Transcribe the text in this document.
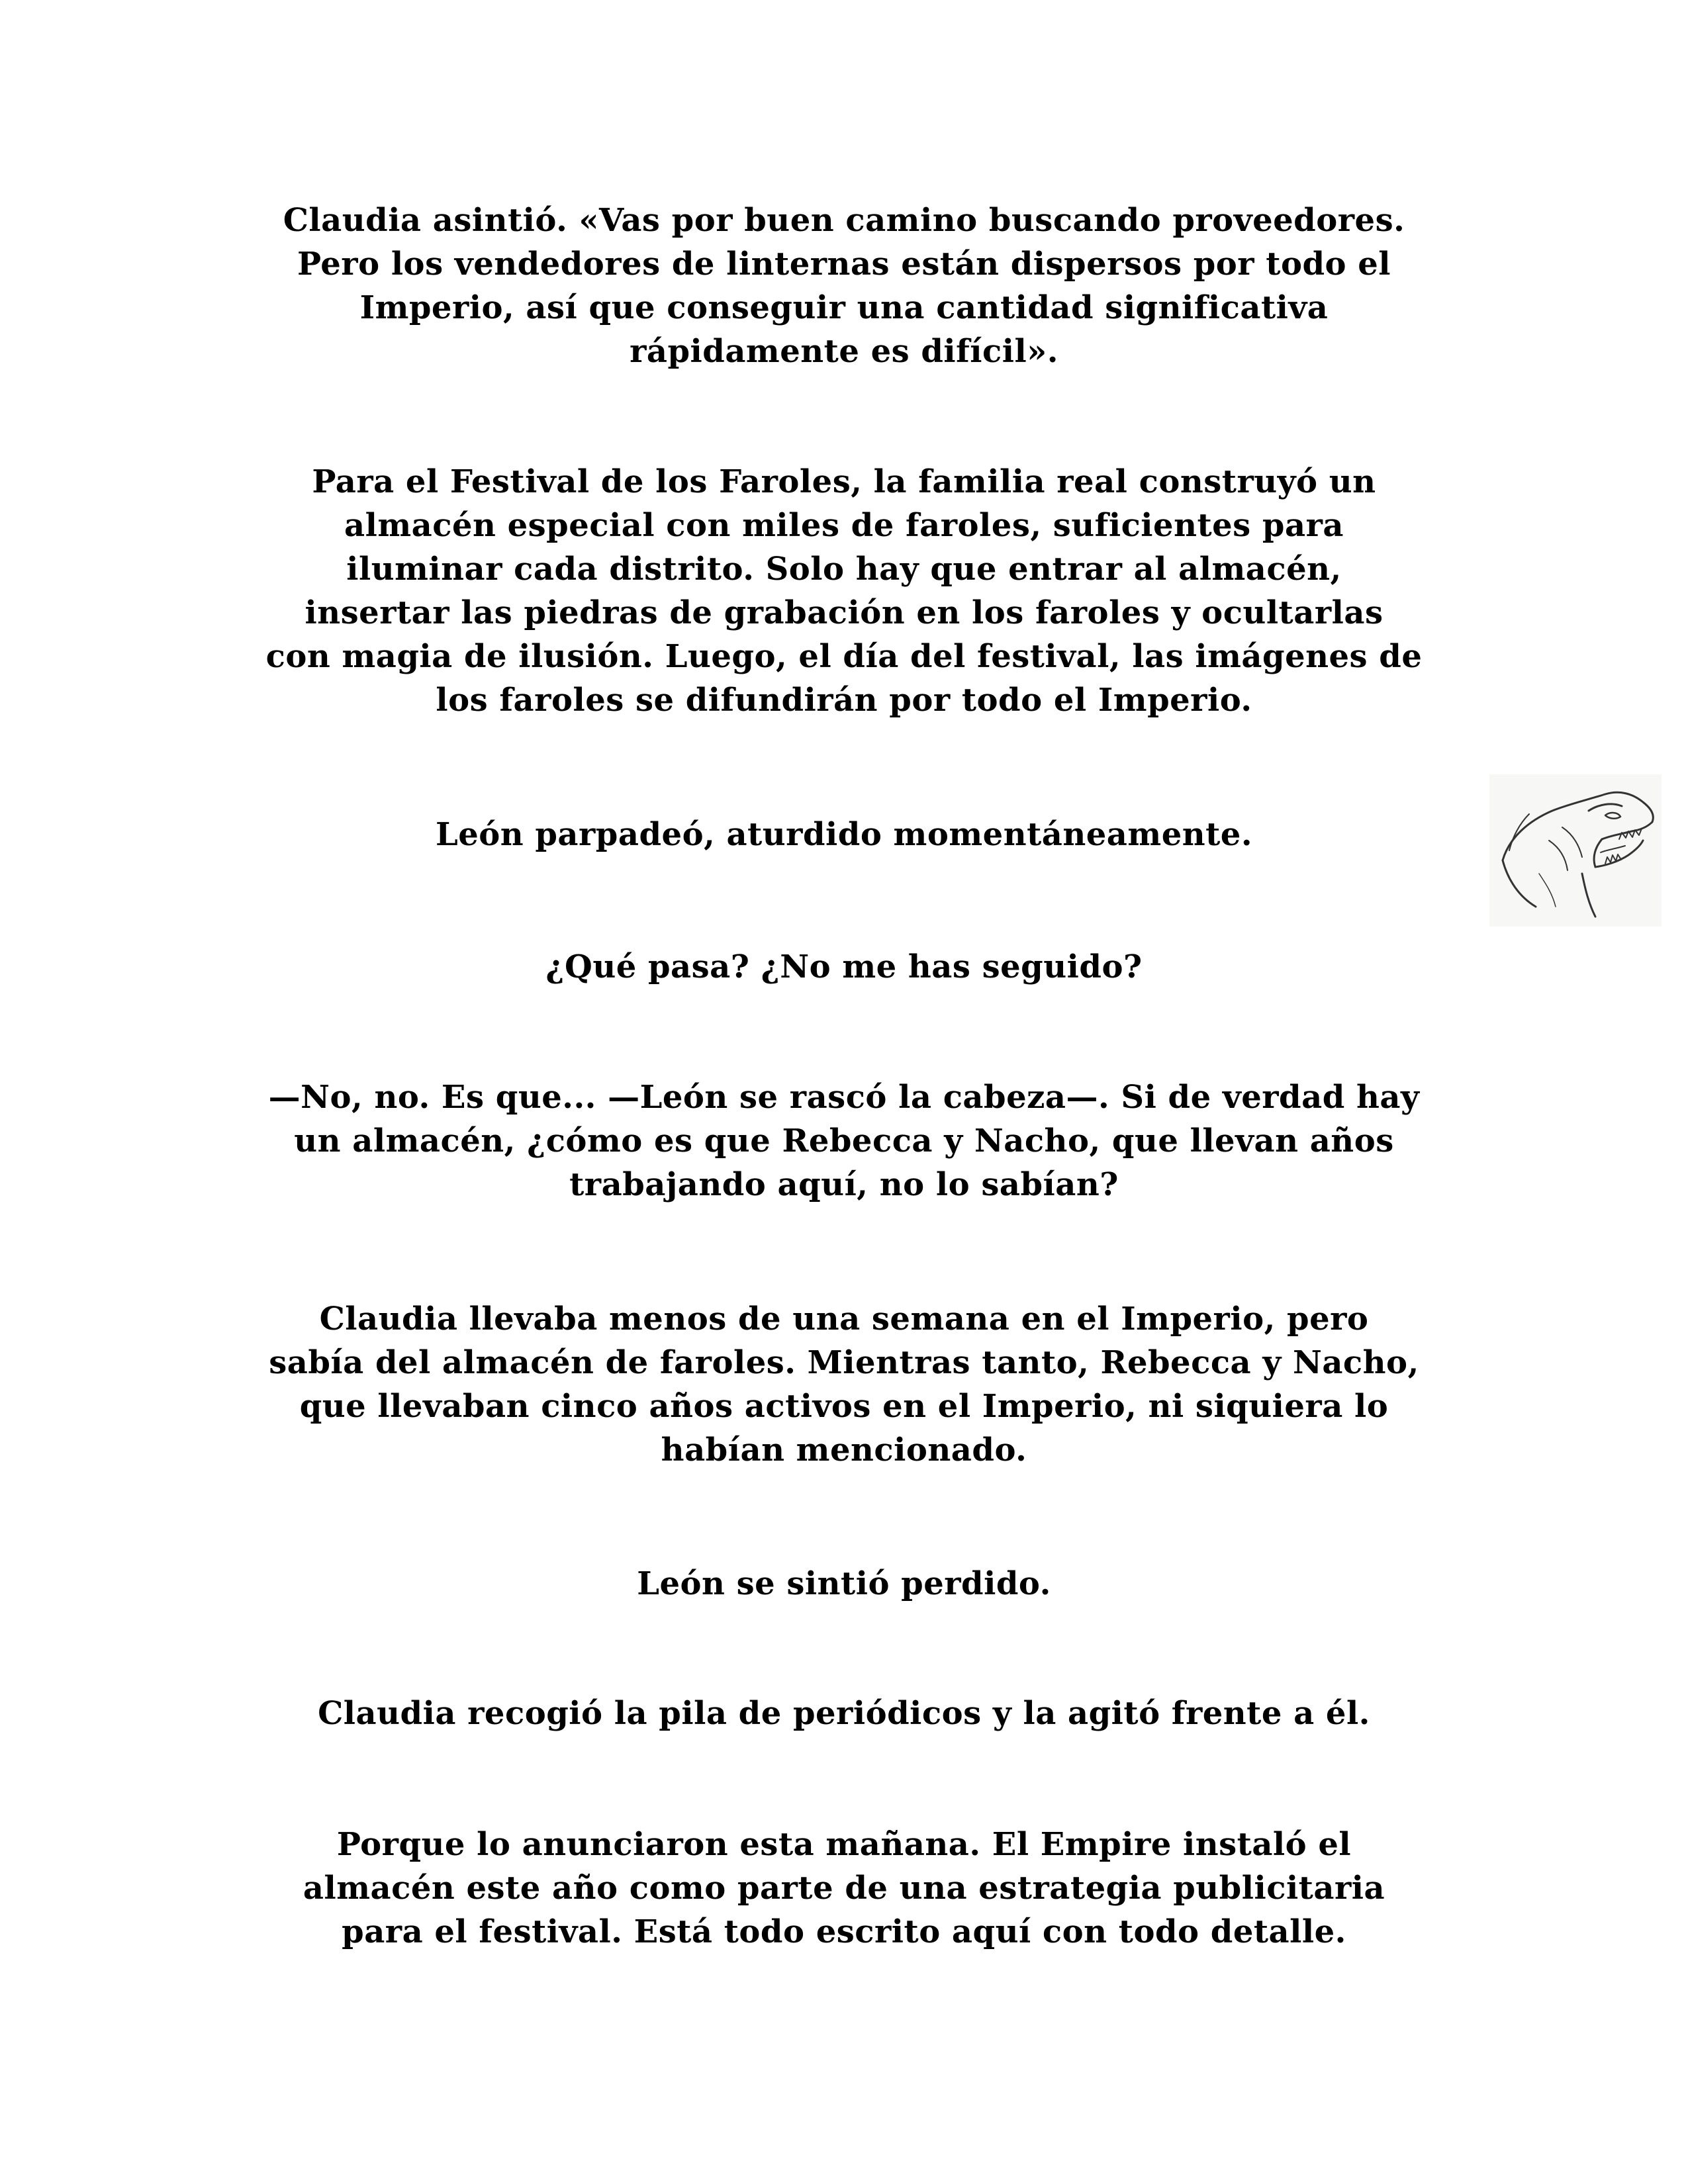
Claudia asintió. «Vas por buen camino buscando proveedores.
Pero los vendedores de linternas están dispersos por todo el
Imperio, así que conseguir una cantidad significativa
rápidamente es difícil».
Para el Festival de los Faroles, la familia real construyó un
almacén especial con miles de faroles, suficientes para
iluminar cada distrito. Solo hay que entrar al almacén,
insertar las piedras de grabación en los faroles y ocultarlas
con magia de ilusión. Luego, el día del festival, las imágenes de
los faroles se difundirán por todo el Imperio.
León parpadeó, aturdido momentáneamente.
¿Qué pasa? ¿No me has seguido?
—No, no. Es que... —León se rascó la cabeza—. Si de verdad hay
un almacén, ¿cómo es que Rebecca y Nacho, que llevan años
trabajando aquí, no lo sabían?
Claudia llevaba menos de una semana en el Imperio, pero
sabía del almacén de faroles. Mientras tanto, Rebecca y Nacho,
que llevaban cinco años activos en el Imperio, ni siquiera lo
habían mencionado.
León se sintió perdido.
Claudia recogió la pila de periódicos y la agitó frente a él.
Porque lo anunciaron esta mañana. El Empire instaló el
almacén este año como parte de una estrategia publicitaria
para el festival. Está todo escrito aquí con todo detalle.
